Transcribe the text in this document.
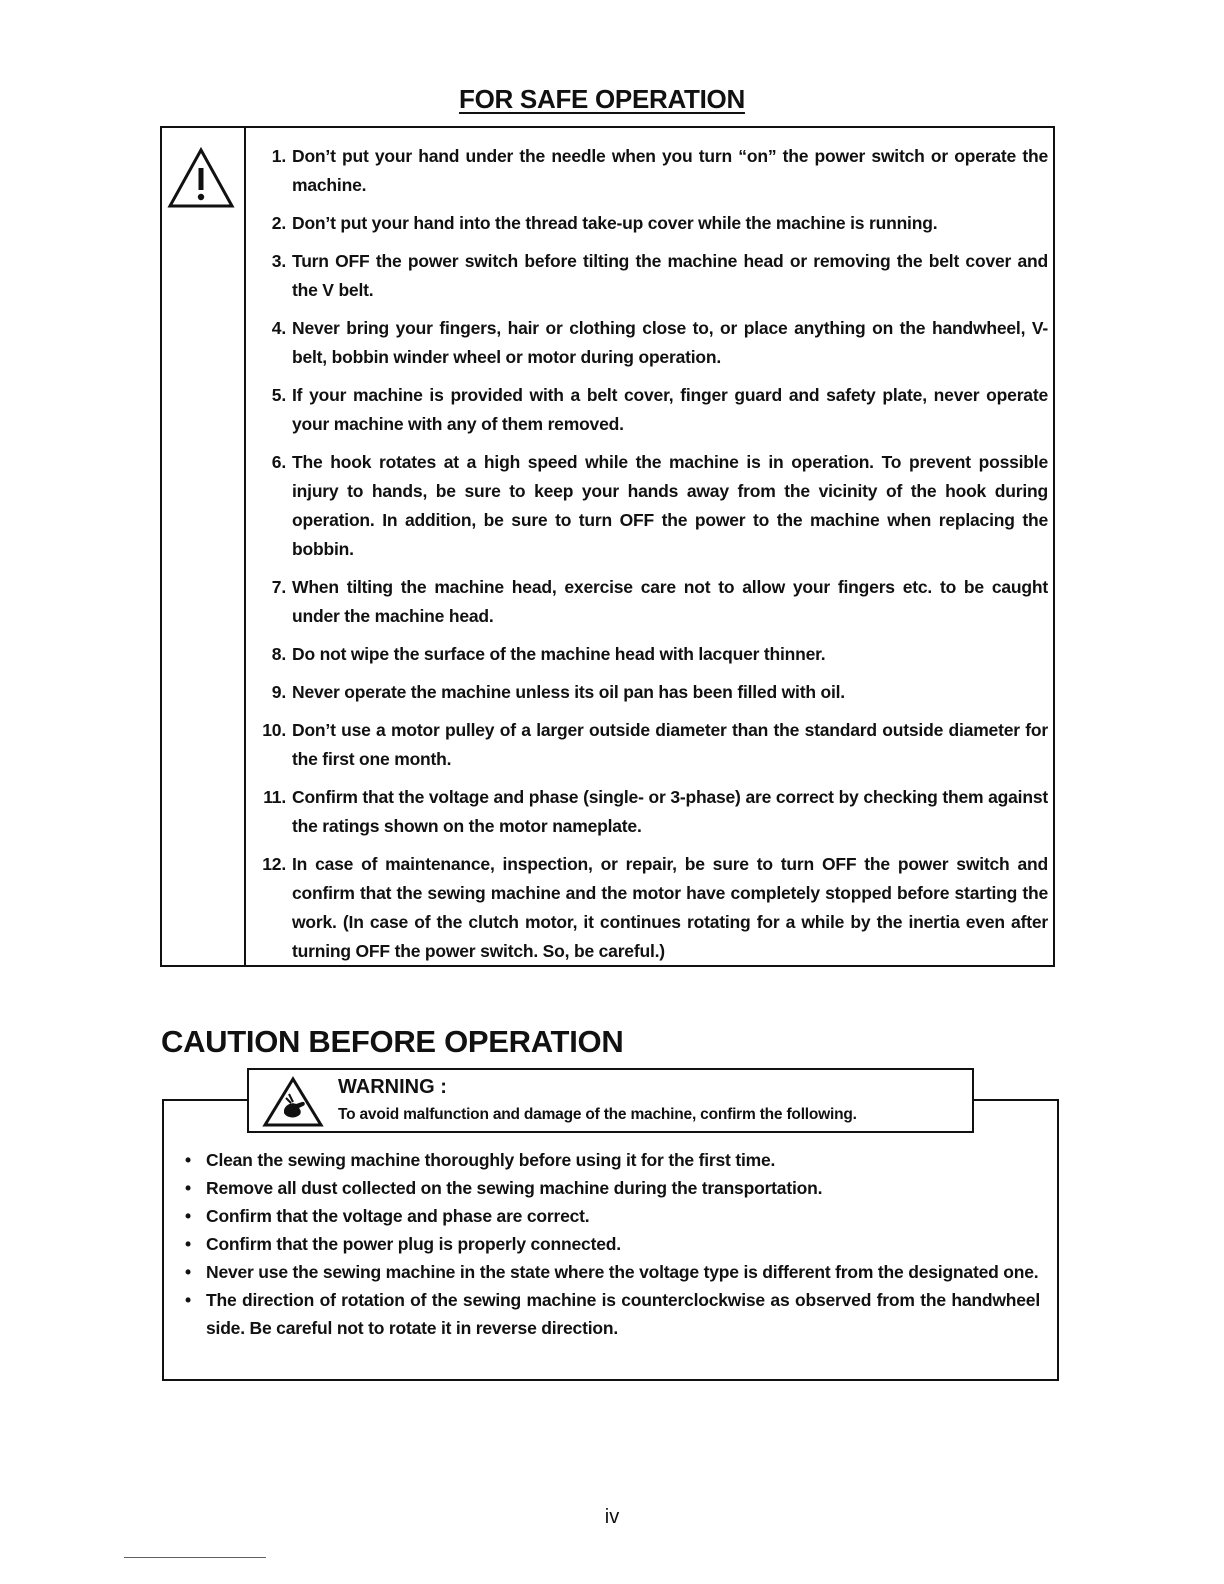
FOR SAFE OPERATION
1. Don’t put your hand under the needle when you turn “on” the power switch or operate the machine.
2. Don’t put your hand into the thread take-up cover while the machine is running.
3. Turn OFF the power switch before tilting the machine head or removing the belt cover and the V belt.
4. Never bring your fingers, hair or clothing close to, or place anything on the handwheel, V-belt, bobbin winder wheel or motor during operation.
5. If your machine is provided with a belt cover, finger guard and safety plate, never operate your machine with any of them removed.
6. The hook rotates at a high speed while the machine is in operation. To prevent possible injury to hands, be sure to keep your hands away from the vicinity of the hook during operation. In addition, be sure to turn OFF the power to the machine when replacing the bobbin.
7. When tilting the machine head, exercise care not to allow your fingers etc. to be caught under the machine head.
8. Do not wipe the surface of the machine head with lacquer thinner.
9. Never operate the machine unless its oil pan has been filled with oil.
10. Don’t use a motor pulley of a larger outside diameter than the standard outside diameter for the first one month.
11. Confirm that the voltage and phase (single- or 3-phase) are correct by checking them against the ratings shown on the motor nameplate.
12. In case of maintenance, inspection, or repair, be sure to turn OFF the power switch and confirm that the sewing machine and the motor have completely stopped before starting the work. (In case of the clutch motor, it continues rotating for a while by the inertia even after turning OFF the power switch. So, be careful.)
CAUTION BEFORE OPERATION
WARNING :
To avoid malfunction and damage of the machine, confirm the following.
• Clean the sewing machine thoroughly before using it for the first time.
• Remove all dust collected on the sewing machine during the transportation.
• Confirm that the voltage and phase are correct.
• Confirm that the power plug is properly connected.
• Never use the sewing machine in the state where the voltage type is different from the designated one.
• The direction of rotation of the sewing machine is counterclockwise as observed from the handwheel side. Be careful not to rotate it in reverse direction.
iv
